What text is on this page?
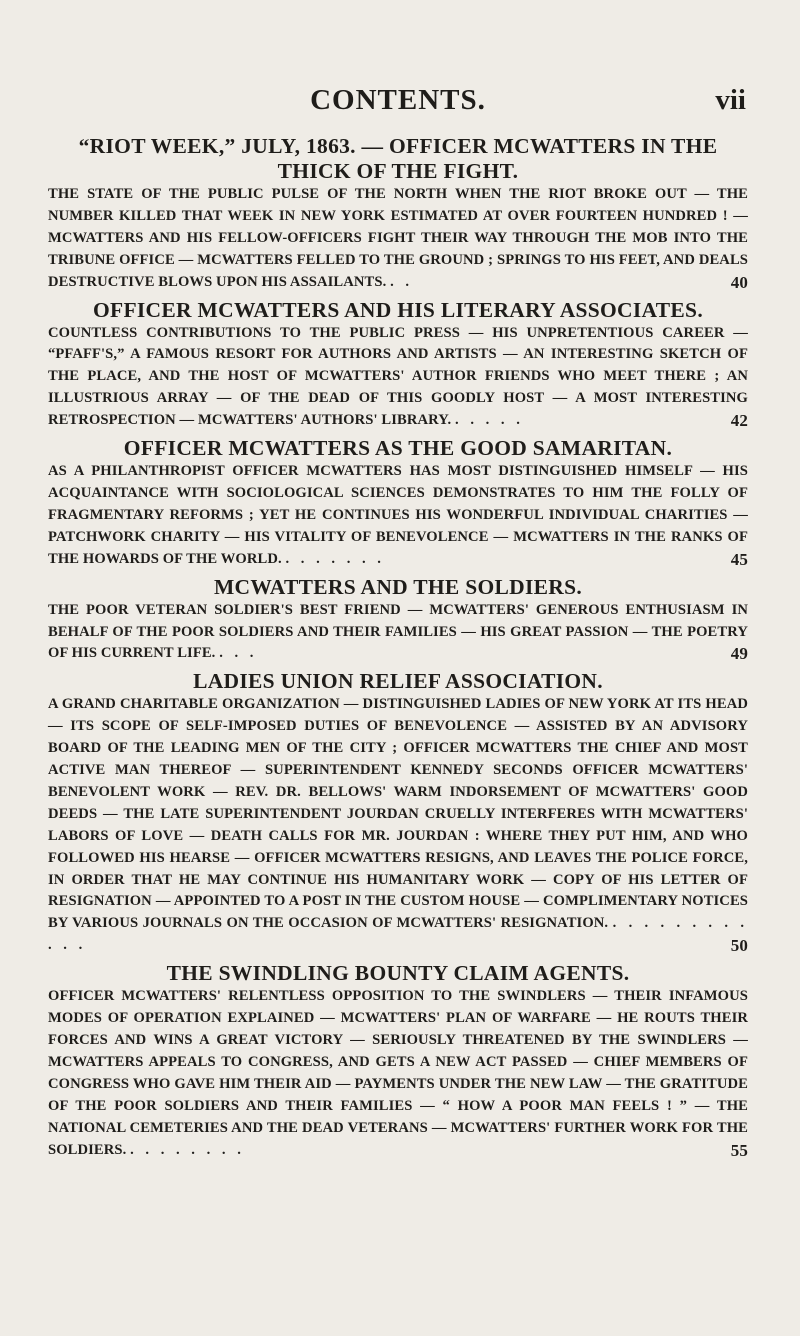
CONTENTS.	vii
“RIOT WEEK,” JULY, 1863. — OFFICER MCWATTERS IN THE THICK OF THE FIGHT.
THE STATE OF THE PUBLIC PULSE OF THE NORTH WHEN THE RIOT BROKE OUT — THE NUMBER KILLED THAT WEEK IN NEW YORK ESTIMATED AT OVER FOURTEEN HUNDRED ! — MCWATTERS AND HIS FELLOW-OFFICERS FIGHT THEIR WAY THROUGH THE MOB INTO THE TRIBUNE OFFICE — MCWATTERS FELLED TO THE GROUND ; SPRINGS TO HIS FEET, AND DEALS DESTRUCTIVE BLOWS UPON HIS ASSAILANTS. . .	40
OFFICER MCWATTERS AND HIS LITERARY ASSOCIATES.
COUNTLESS CONTRIBUTIONS TO THE PUBLIC PRESS — HIS UNPRETENTIOUS CAREER — “PFAFF'S,” A FAMOUS RESORT FOR AUTHORS AND ARTISTS — AN INTERESTING SKETCH OF THE PLACE, AND THE HOST OF MCWATTERS' AUTHOR FRIENDS WHO MEET THERE ; AN ILLUSTRIOUS ARRAY — OF THE DEAD OF THIS GOODLY HOST — A MOST INTERESTING RETROSPECTION — MCWATTERS' AUTHORS' LIBRARY. . . . . .	42
OFFICER MCWATTERS AS THE GOOD SAMARITAN.
AS A PHILANTHROPIST OFFICER MCWATTERS HAS MOST DISTINGUISHED HIMSELF — HIS ACQUAINTANCE WITH SOCIOLOGICAL SCIENCES DEMONSTRATES TO HIM THE FOLLY OF FRAGMENTARY REFORMS ; YET HE CONTINUES HIS WONDERFUL INDIVIDUAL CHARITIES — PATCHWORK CHARITY — HIS VITALITY OF BENEVOLENCE — MCWATTERS IN THE RANKS OF THE HOWARDS OF THE WORLD. . . . . . . .	45
MCWATTERS AND THE SOLDIERS.
THE POOR VETERAN SOLDIER'S BEST FRIEND — MCWATTERS' GENEROUS ENTHUSIASM IN BEHALF OF THE POOR SOLDIERS AND THEIR FAMILIES — HIS GREAT PASSION — THE POETRY OF HIS CURRENT LIFE. . . .	49
LADIES UNION RELIEF ASSOCIATION.
A GRAND CHARITABLE ORGANIZATION — DISTINGUISHED LADIES OF NEW YORK AT ITS HEAD — ITS SCOPE OF SELF-IMPOSED DUTIES OF BENEVOLENCE — ASSISTED BY AN ADVISORY BOARD OF THE LEADING MEN OF THE CITY ; OFFICER MCWATTERS THE CHIEF AND MOST ACTIVE MAN THEREOF — SUPERINTENDENT KENNEDY SECONDS OFFICER MCWATTERS' BENEVOLENT WORK — REV. DR. BELLOWS' WARM INDORSEMENT OF MCWATTERS' GOOD DEEDS — THE LATE SUPERINTENDENT JOURDAN CRUELLY INTERFERES WITH MCWATTERS' LABORS OF LOVE — DEATH CALLS FOR MR. JOURDAN : WHERE THEY PUT HIM, AND WHO FOLLOWED HIS HEARSE — OFFICER MCWATTERS RESIGNS, AND LEAVES THE POLICE FORCE, IN ORDER THAT HE MAY CONTINUE HIS HUMANITARY WORK — COPY OF HIS LETTER OF RESIGNATION — APPOINTED TO A POST IN THE CUSTOM HOUSE — COMPLIMENTARY NOTICES BY VARIOUS JOURNALS ON THE OCCASION OF MCWATTERS' RESIGNATION. . . . . . . . . . . . .	50
THE SWINDLING BOUNTY CLAIM AGENTS.
OFFICER MCWATTERS' RELENTLESS OPPOSITION TO THE SWINDLERS — THEIR INFAMOUS MODES OF OPERATION EXPLAINED — MCWATTERS' PLAN OF WARFARE — HE ROUTS THEIR FORCES AND WINS A GREAT VICTORY — SERIOUSLY THREATENED BY THE SWINDLERS — MCWATTERS APPEALS TO CONGRESS, AND GETS A NEW ACT PASSED — CHIEF MEMBERS OF CONGRESS WHO GAVE HIM THEIR AID — PAYMENTS UNDER THE NEW LAW — THE GRATITUDE OF THE POOR SOLDIERS AND THEIR FAMILIES — “ HOW A POOR MAN FEELS ! ” — THE NATIONAL CEMETERIES AND THE DEAD VETERANS — MCWATTERS' FURTHER WORK FOR THE SOLDIERS. . . . . . . . .	55
